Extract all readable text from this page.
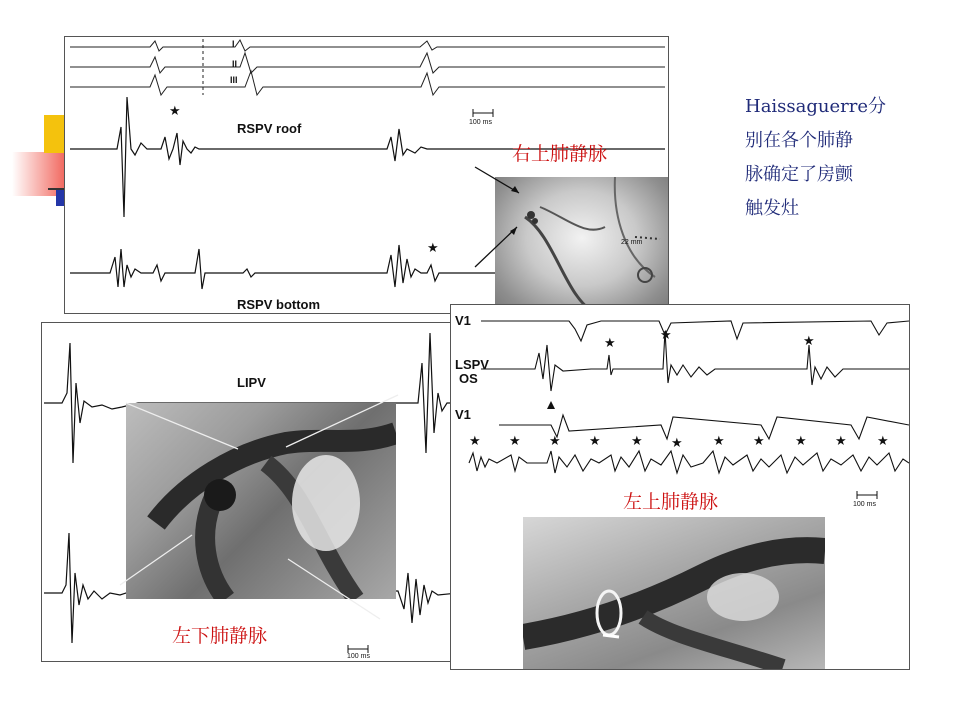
I
II
III
100 ms
★
★
RSPV roof
RSPV bottom
右上肺静脉
22 mm
Haissaguerre分
别在各个肺静
脉确定了房颤
触发灶
LIPV
左下肺静脉
100 ms
V1
LSPV
OS
V1
★
★	★
★ ★ ★ ★ ★ ★ ★ ★ ★ ★ ★
左上肺静脉	100 ms
